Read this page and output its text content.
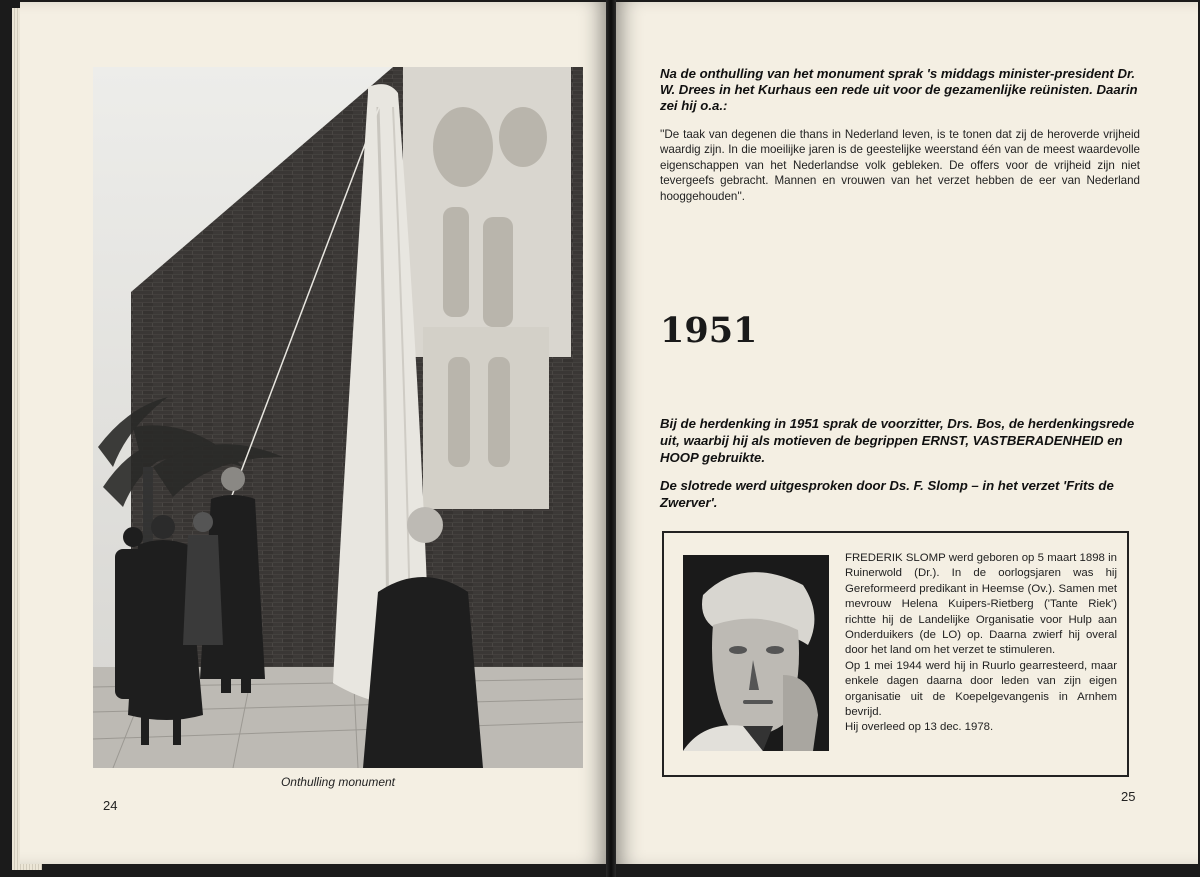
Onthulling monument
24
Na de onthulling van het monument sprak 's middags minister-president Dr. W. Drees in het Kurhaus een rede uit voor de gezamenlijke reünisten. Daarin zei hij o.a.:
''De taak van degenen die thans in Nederland leven, is te tonen dat zij de heroverde vrijheid waardig zijn. In die moeilijke jaren is de geestelijke weerstand één van de meest waardevolle eigenschappen van het Nederlandse volk gebleken. De offers voor de vrijheid zijn niet tevergeefs gebracht. Mannen en vrouwen van het verzet hebben de eer van Nederland hooggehouden''.
1951
Bij de herdenking in 1951 sprak de voorzitter, Drs. Bos, de herdenkingsrede uit, waarbij hij als motieven de begrippen ERNST, VASTBERADENHEID en HOOP gebruikte.
De slotrede werd uitgesproken door Ds. F. Slomp – in het verzet 'Frits de Zwerver'.

FREDERIK SLOMP werd geboren op 5 maart 1898 in Ruinerwold (Dr.). In de oorlogsjaren was hij Gereformeerd predikant in Heemse (Ov.). Samen met mevrouw Helena Kuipers-Rietberg ('Tante Riek') richtte hij de Landelijke Organisatie voor Hulp aan Onderduikers (de LO) op. Daarna zwierf hij overal door het land om het verzet te stimuleren.

Op 1 mei 1944 werd hij in Ruurlo gearresteerd, maar enkele dagen daarna door leden van zijn eigen organisatie uit de Koepelgevangenis in Arnhem bevrijd.

Hij overleed op 13 dec. 1978.

25
